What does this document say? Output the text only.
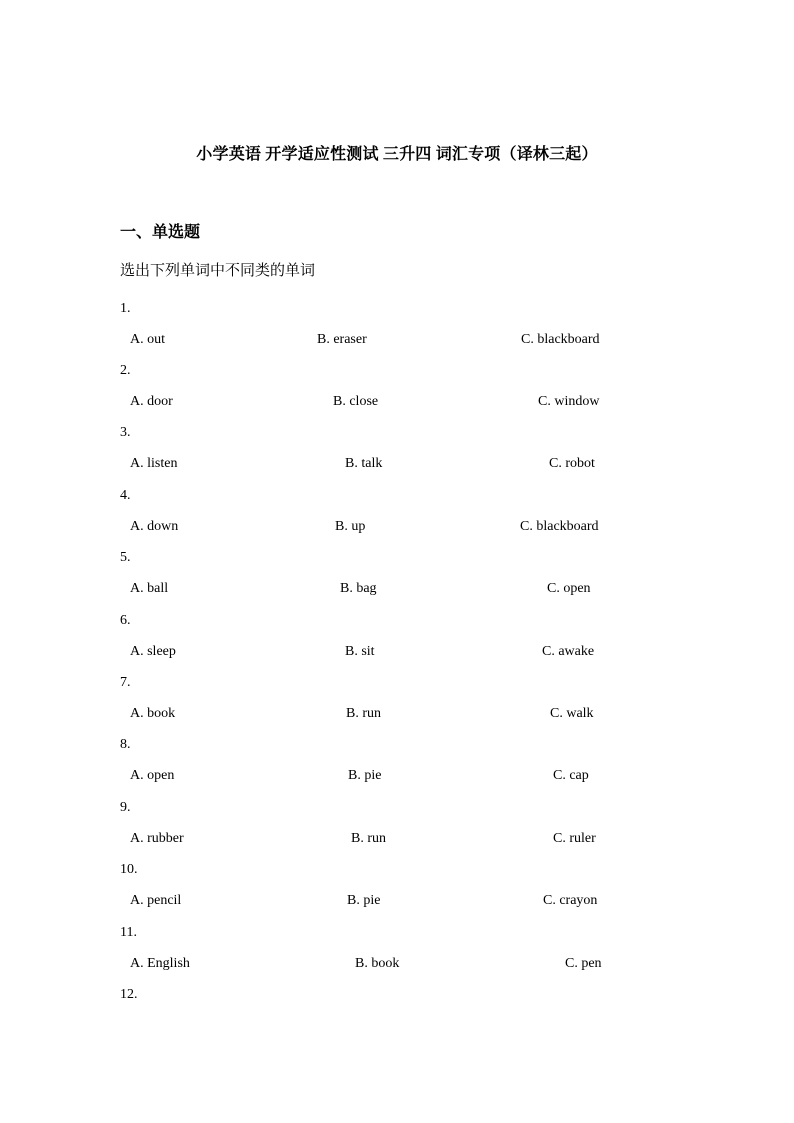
小学英语 开学适应性测试 三升四 词汇专项（译林三起）
一、单选题
选出下列单词中不同类的单词
1.
A. out	B. eraser	C. blackboard
2.
A. door	B. close	C. window
3.
A. listen	B. talk	C. robot
4.
A. down	B. up	C. blackboard
5.
A. ball	B. bag	C. open
6.
A. sleep	B. sit	C. awake
7.
A. book	B. run	C. walk
8.
A. open	B. pie	C. cap
9.
A. rubber	B. run	C. ruler
10.
A. pencil	B. pie	C. crayon
11.
A. English	B. book	C. pen
12.
